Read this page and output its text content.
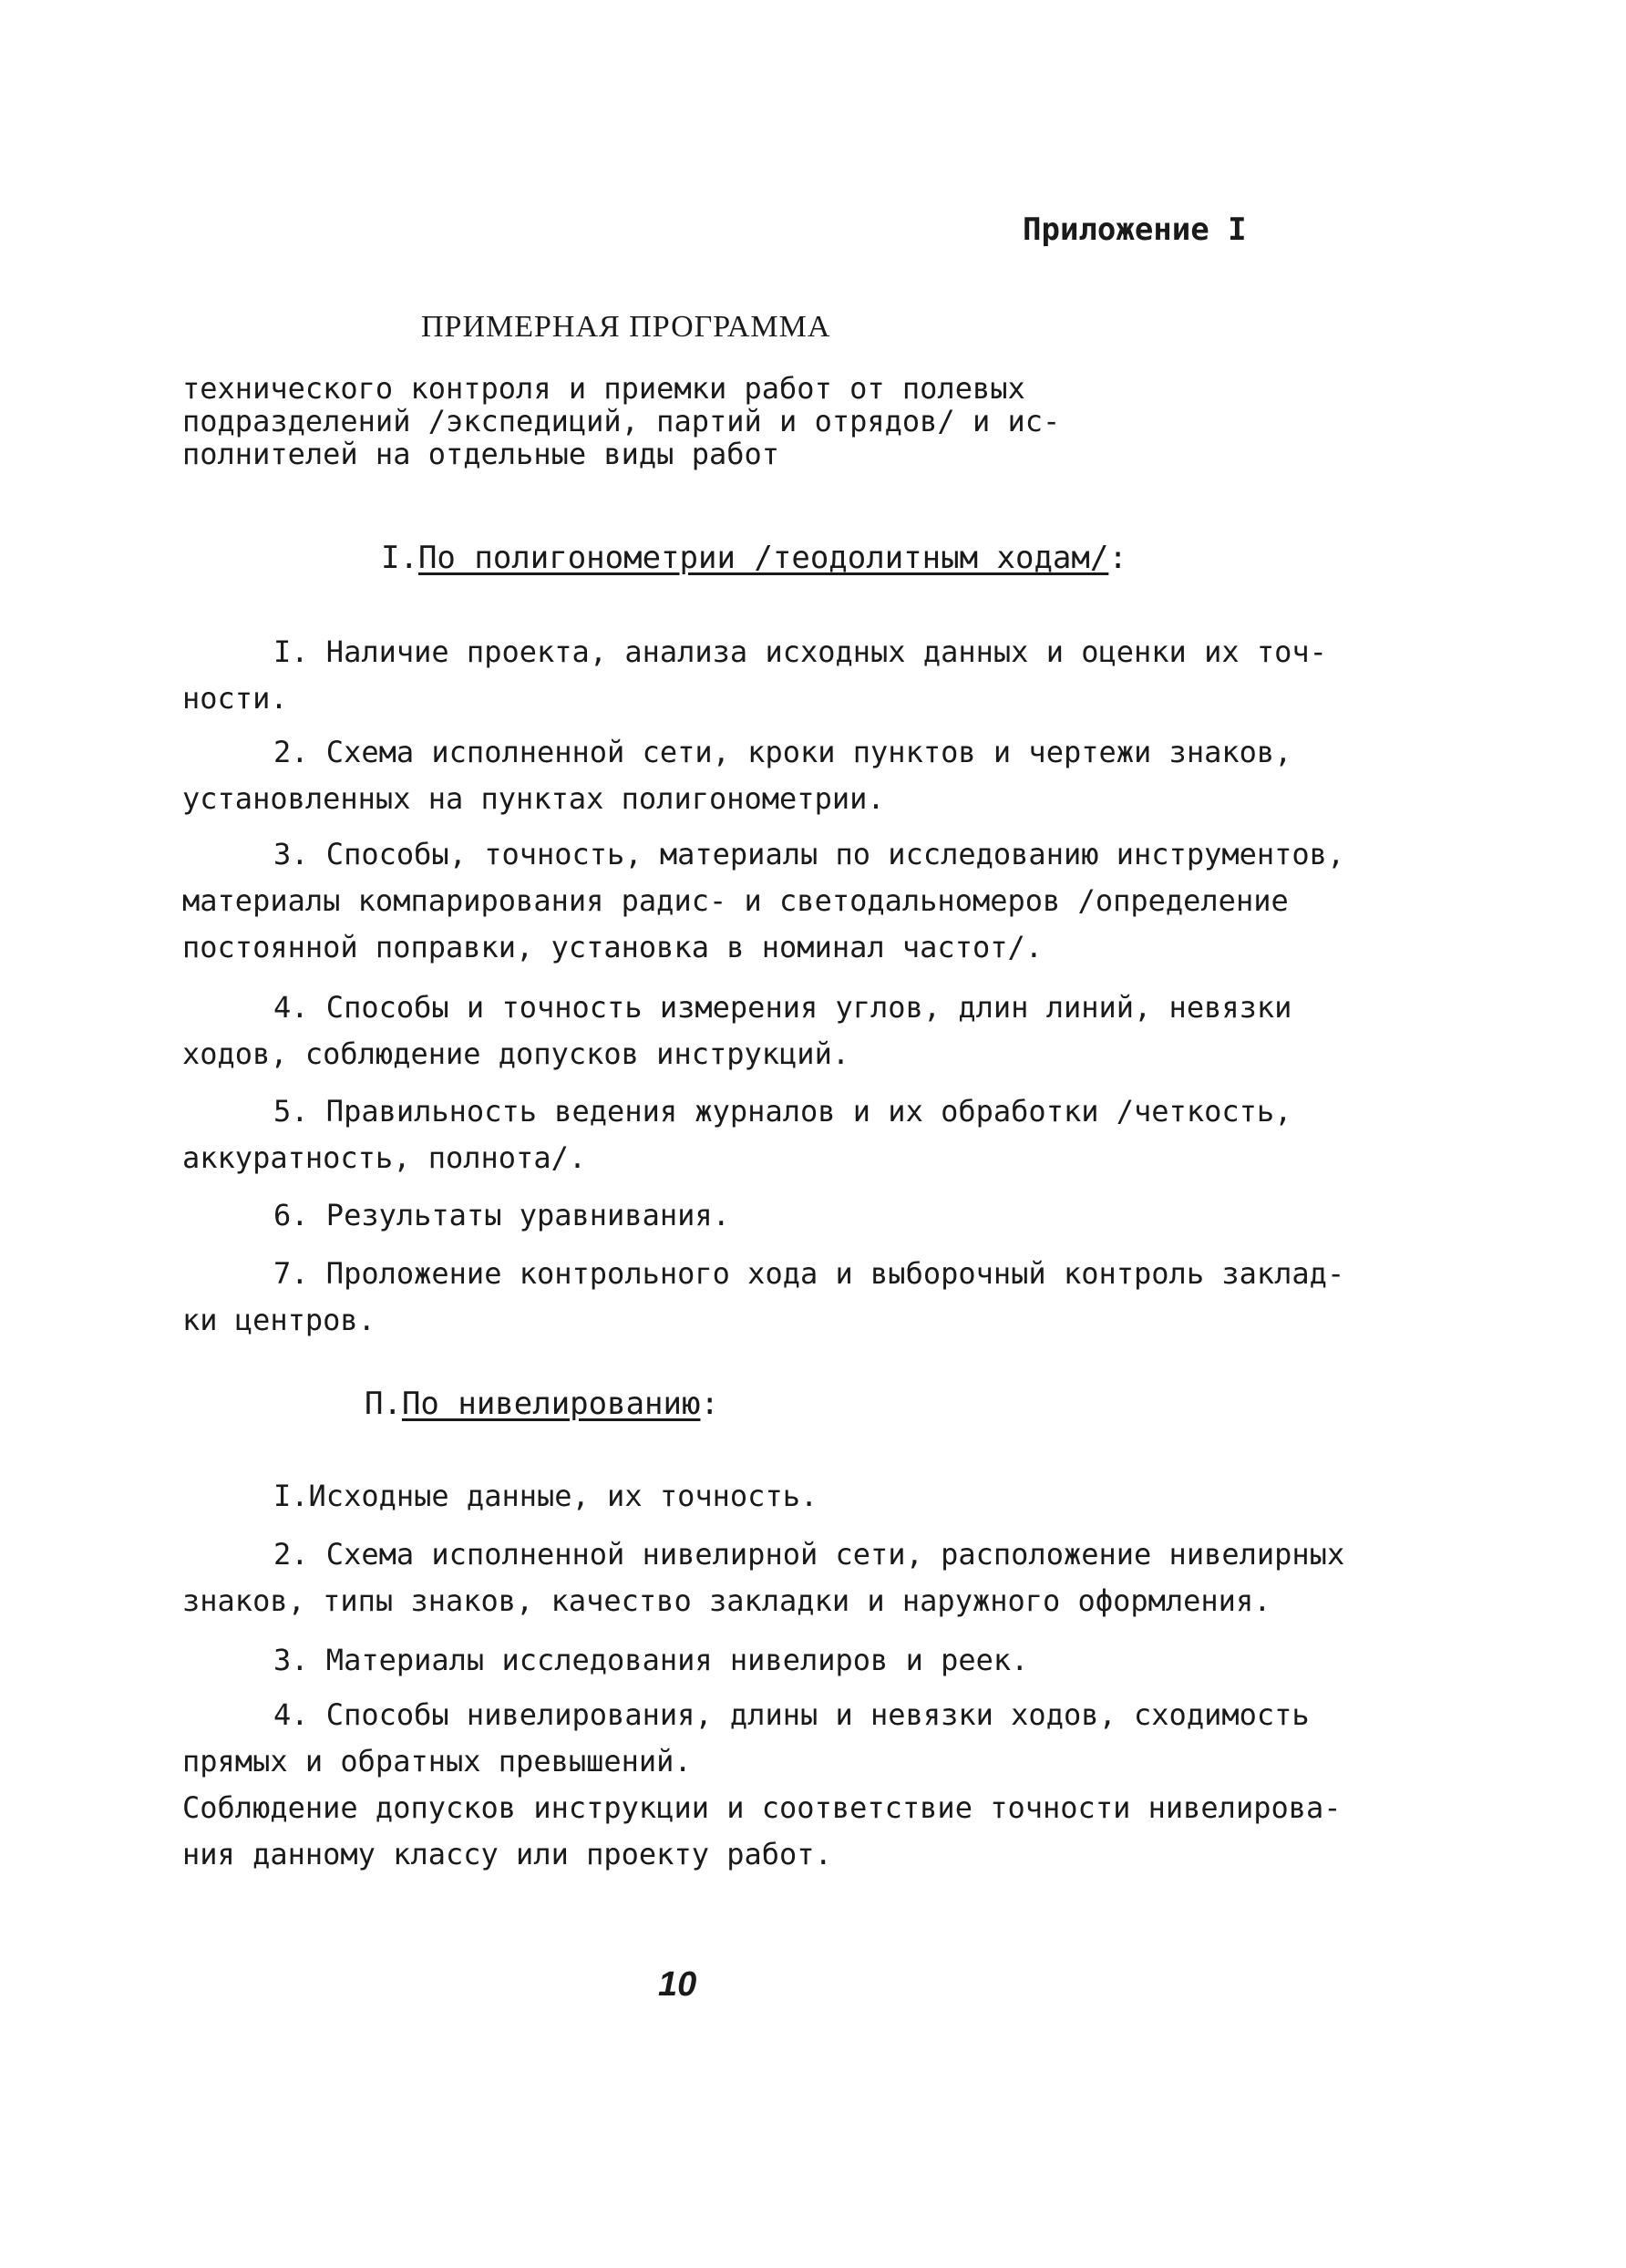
Приложение I
ПРИМЕРНАЯ ПРОГРАММА
технического контроля и приемки работ от полевых
подразделений /экспедиций, партий и отрядов/ и ис-
полнителей на отдельные виды работ
I.По полигонометрии /теодолитным ходам/:
I. Наличие проекта, анализа исходных данных и оценки их точ-
ности.
2. Схема исполненной сети, кроки пунктов и чертежи знаков,
установленных на пунктах полигонометрии.
3. Способы, точность, материалы по исследованию инструментов,
материалы компарирования радис- и светодальномеров /определение
постоянной поправки, установка в номинал частот/.
4. Способы и точность измерения углов, длин линий, невязки
ходов, соблюдение допусков инструкций.
5. Правильность ведения журналов и их обработки /четкость,
аккуратность, полнота/.
6. Результаты уравнивания.
7. Проложение контрольного хода и выборочный контроль заклад-
ки центров.
П.По нивелированию:
I.Исходные данные, их точность.
2. Схема исполненной нивелирной сети, расположение нивелирных
знаков, типы знаков, качество закладки и наружного оформления.
3. Материалы исследования нивелиров и реек.
4. Способы нивелирования, длины и невязки ходов, сходимость
прямых и обратных превышений.
Соблюдение допусков инструкции и соответствие точности нивелирова-
ния данному классу или проекту работ.
10
